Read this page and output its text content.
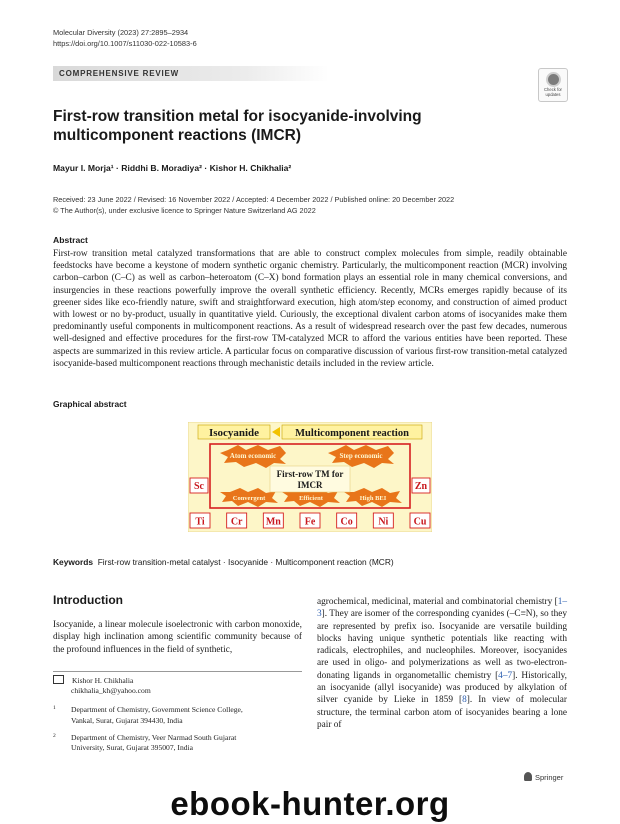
Molecular Diversity (2023) 27:2895–2934
https://doi.org/10.1007/s11030-022-10583-6
COMPREHENSIVE REVIEW
Check for
updates
First-row transition metal for isocyanide-involving multicomponent reactions (IMCR)
Mayur I. Morja¹ · Riddhi B. Moradiya² · Kishor H. Chikhalia²
Received: 23 June 2022 / Revised: 16 November 2022 / Accepted: 4 December 2022 / Published online: 20 December 2022
© The Author(s), under exclusive licence to Springer Nature Switzerland AG 2022
Abstract
First-row transition metal catalyzed transformations that are able to construct complex molecules from simple, readily obtainable feedstocks have become a keystone of modern synthetic organic chemistry. Particularly, the multicomponent reaction (MCR) involving carbon–carbon (C–C) as well as carbon–heteroatom (C–X) bond formation plays an essential role in many chemical conversions, and insurgencies in these reactions powerfully improve the overall synthetic efficiency. Recently, MCRs emerges rapidly because of its greener sides like eco-friendly nature, swift and straightforward execution, high atom/step economy, and construction of aimed product with lowest or no by-product, usually in quantitative yield. Curiously, the exceptional divalent carbon atoms of isocyanides make them predominantly useful components in multicomponent reactions. As a result of widespread research over the past few decades, numerous well-designed and effective procedures for the first-row TM-catalyzed MCR to afford the various entities have been reported. These aspects are summarized in this review article. A particular focus on comparative discussion of various first-row transition-metal catalyzed isocyanide-based multicomponent reactions through mechanistic details included in the review article.
Graphical abstract
Isocyanide	Multicomponent reaction
Atom economic	Step economic
Convergent	Efficient	High BEI
First-row TM for
IMCR
Sc	Zn
Ti	Cr Mn Fe	Co	Ni	Cu
Keywords First-row transition-metal catalyst · Isocyanide · Multicomponent reaction (MCR)
Introduction
Isocyanide, a linear molecule isoelectronic with carbon monoxide, display high inclination among scientific community because of the profound influences in the field of synthetic,
agrochemical, medicinal, material and combinatorial chemistry [1–3]. They are isomer of the corresponding cyanides (–C≡N), so they are represented by prefix iso. Isocyanide are versatile building blocks having unique synthetic potentials like reacting with radicals, electrophiles, and nucleophiles. Moreover, isocyanides are used in oligo- and polymerizations as well as two-electron-donating ligands in organometallic chemistry [4–7]. Historically, an isocyanide (allyl isocyanide) was produced by alkylation of silver cyanide by Lieke in 1859 [8]. In view of molecular structure, the terminal carbon atom of isocyanides bearing a lone pair of
Kishor H. Chikhalia
chikhalia_kh@yahoo.com
1 Department of Chemistry, Government Science College,
Vankal, Surat, Gujarat 394430, India
2 Department of Chemistry, Veer Narmad South Gujarat
University, Surat, Gujarat 395007, India
Springer
ebook-hunter.org
